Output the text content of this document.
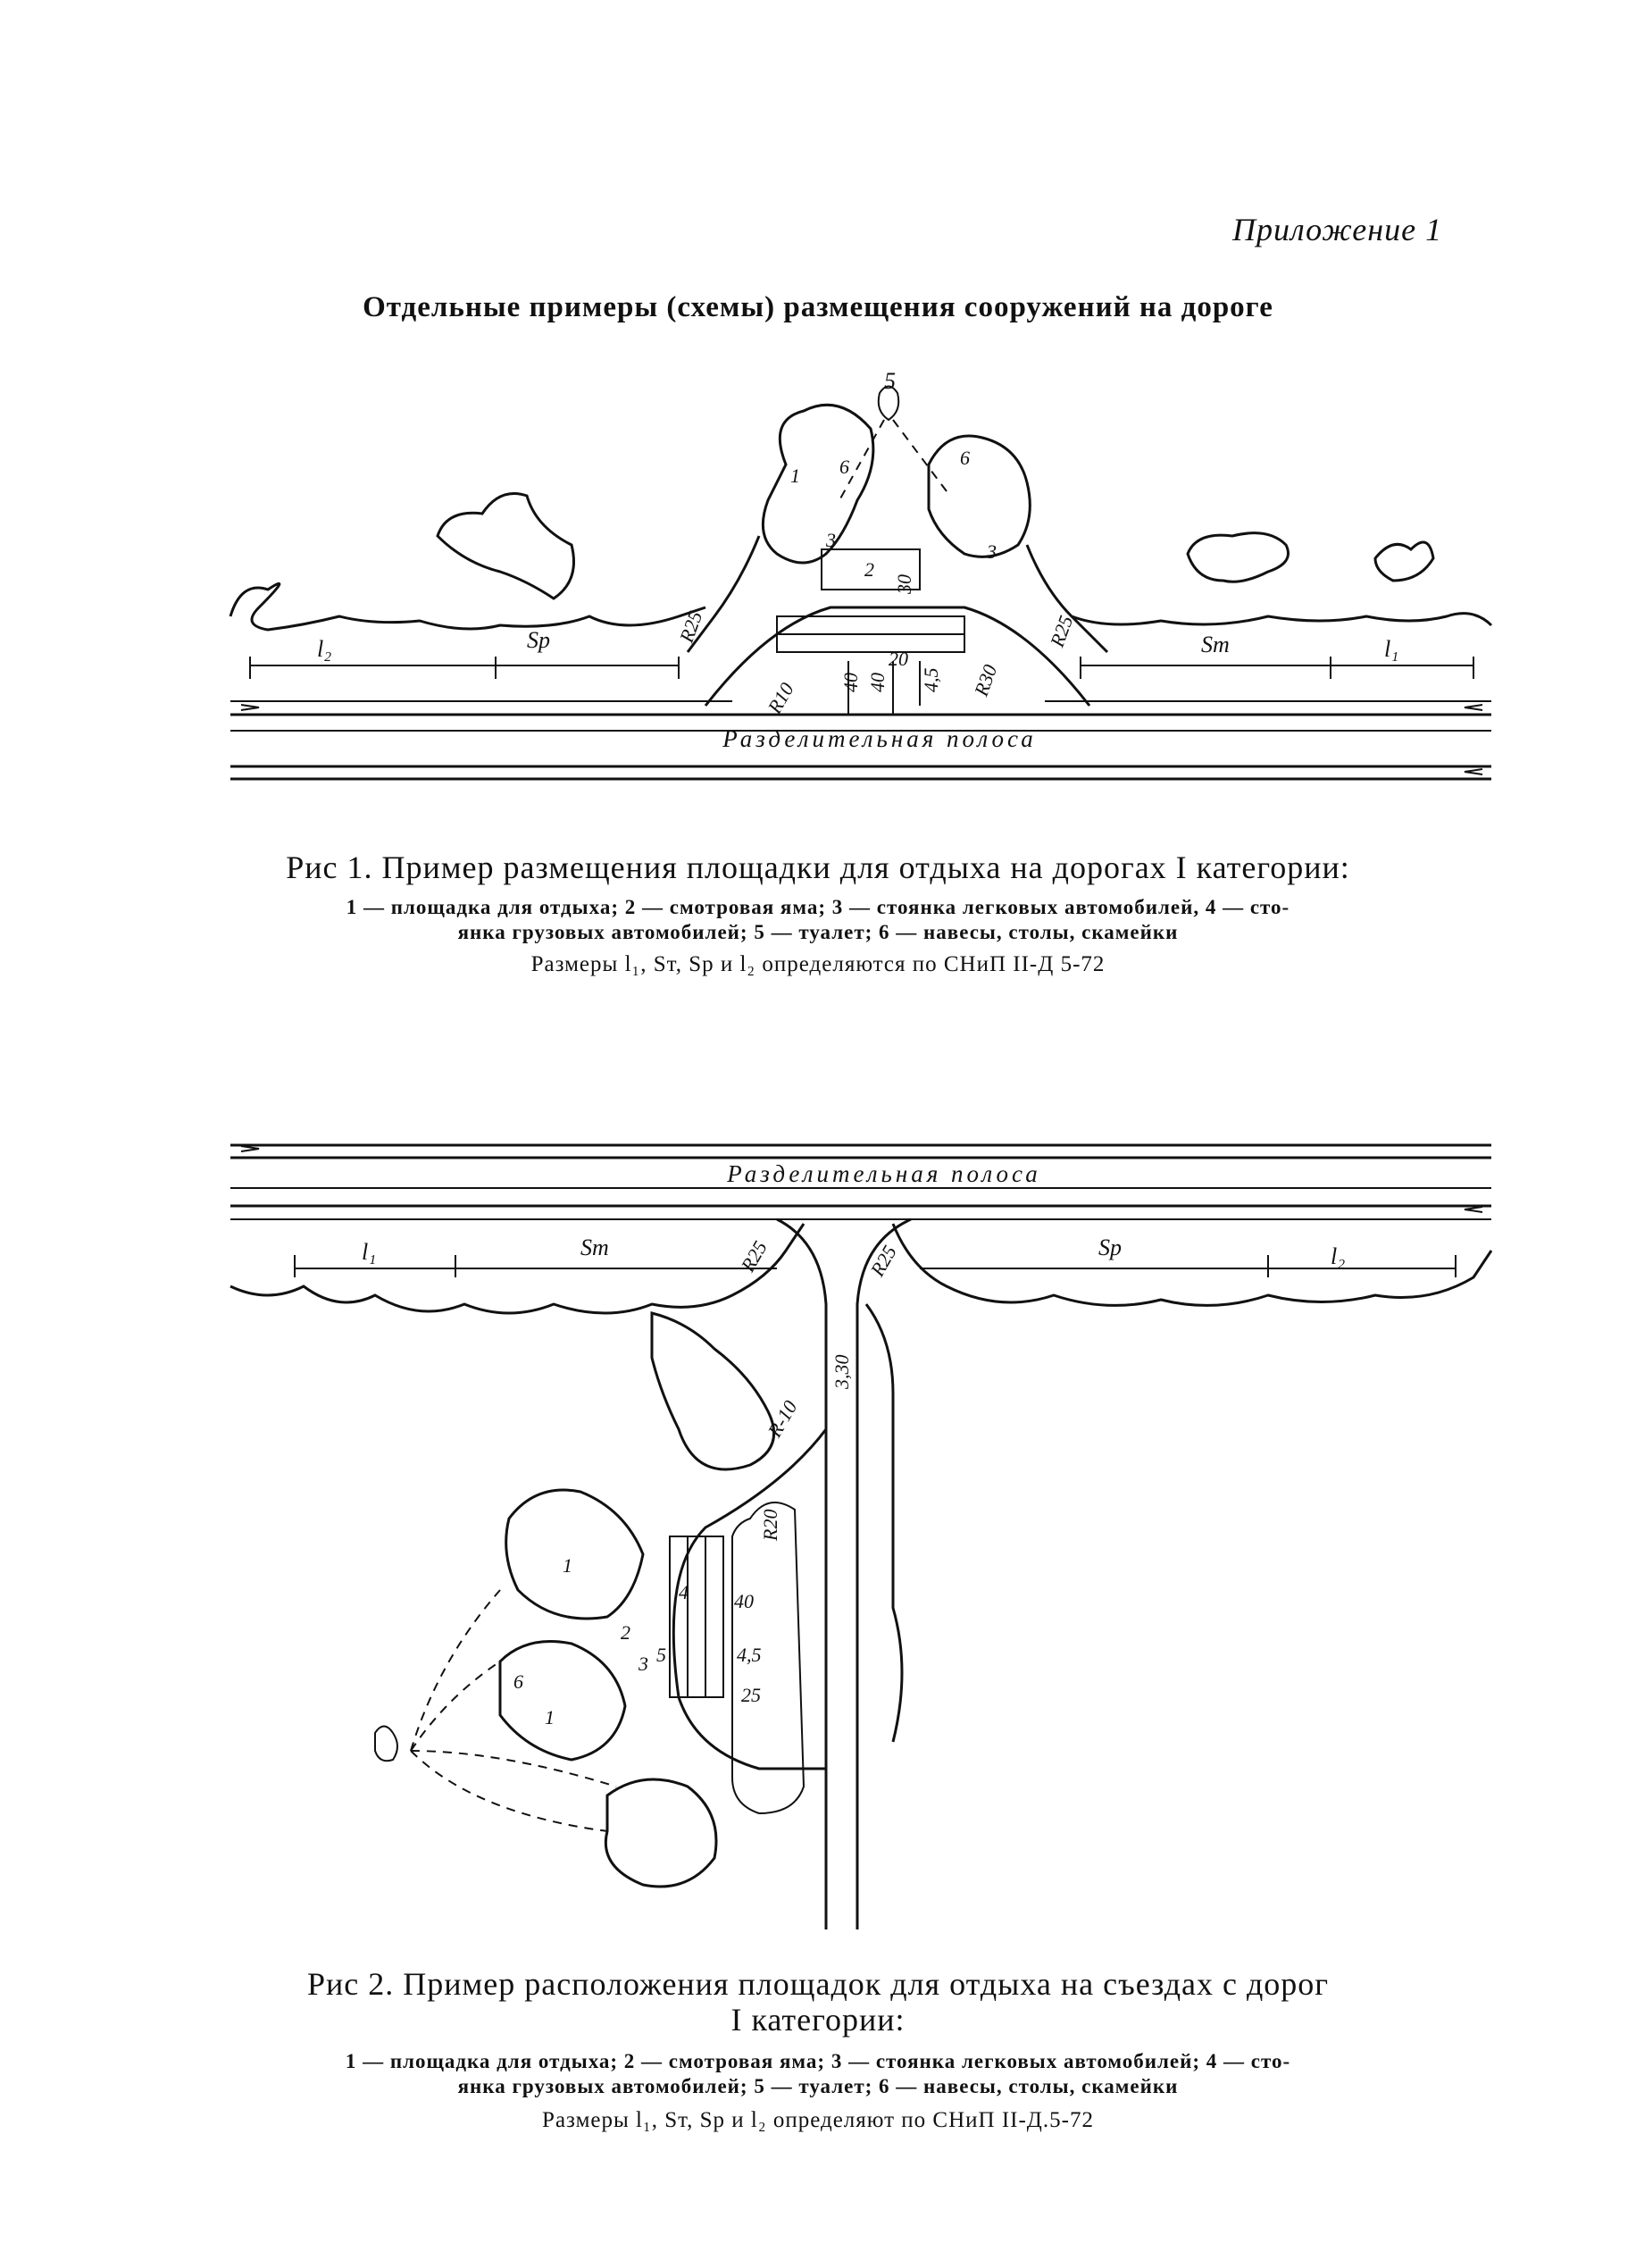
Приложение 1
Отдельные примеры (схемы) размещения сооружений на дороге
l₂	Sp	Sт	l₁
R25	R25
R10	R30
5
6	6
1
2
3
3
30
40 40 4,5
20
Разделительная полоса
Рис 1. Пример размещения площадки для отдыха на дорогах I категории:
1 — площадка для отдыха; 2 — смотровая яма; 3 — стоянка легковых автомобилей, 4 — сто-
янка грузовых автомобилей; 5 — туалет; 6 — навесы, столы, скамейки
Размеры l₁, Sт, Sp и l₂ определяются по СНиП II-Д 5-72
l₁	Sт	Sp	l₂
R25	R25
R-10
3,30
R20
1
1
2
3
4
5
6
4,5
25
40
Разделительная полоса
Рис 2. Пример расположения площадок для отдыха на съездах с дорог
I категории:
1 — площадка для отдыха; 2 — смотровая яма; 3 — стоянка легковых автомобилей; 4 — сто-
янка грузовых автомобилей; 5 — туалет; 6 — навесы, столы, скамейки
Размеры l₁, Sт, Sp и l₂ определяют по СНиП II-Д.5-72
